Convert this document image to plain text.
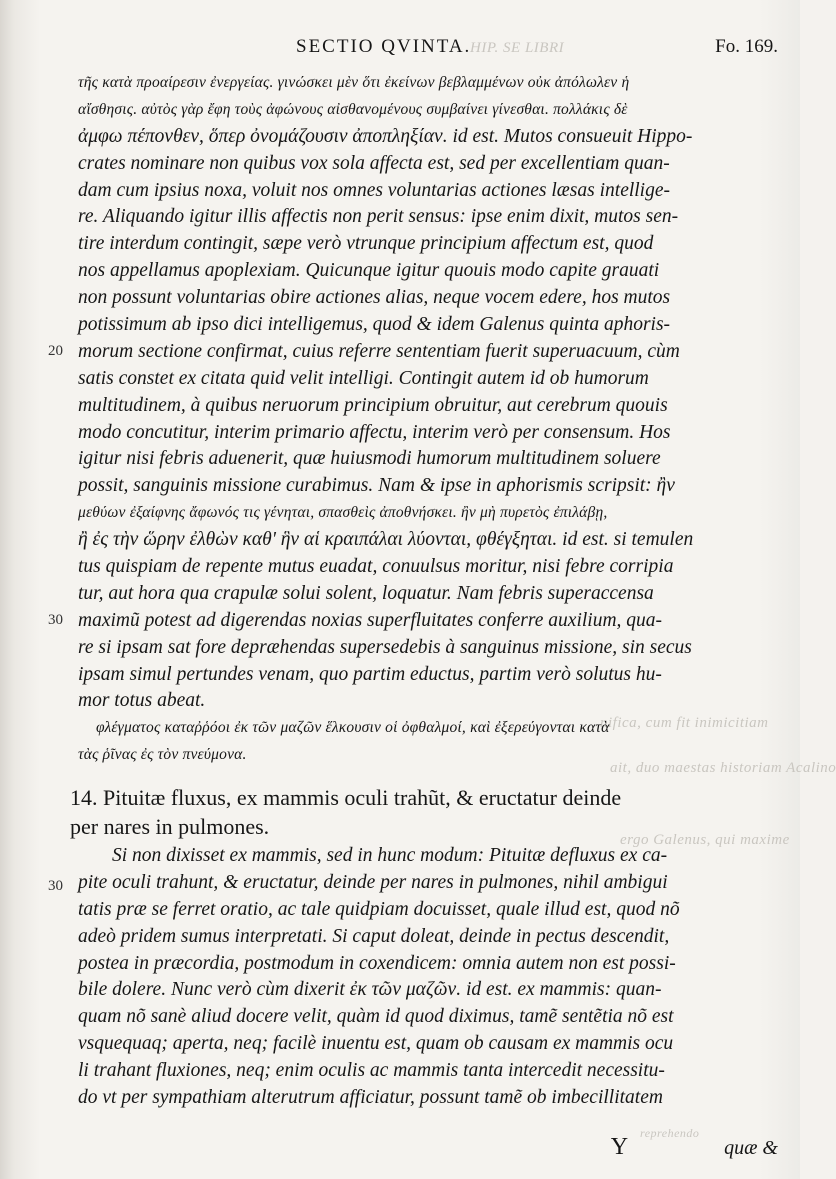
HIP. SE LIBRI
nifica, cum fit inimicitiam
ait, duo maestas historiam Acalino
ergo Galenus, qui maxime
reprehendo
SECTIO QVINTA.	Fo. 169.
20
30
30
τῆς κατὰ προαίρεσιν ἐνεργείας. γινώσκει μὲν ὅτι ἐκείνων βεβλαμμένων οὐκ ἀπόλωλεν ἡ
αἴσθησις. αὐτὸς γὰρ ἔφη τοὺς ἀφώνους αἰσθανομένους συμβαίνει γίνεσθαι. πολλάκις δὲ
ἀμφω πέπονθεν, ὅπερ ὀνομάζουσιν ἀποπληξίαν. id est. Mutos consueuit Hippo-
crates nominare non quibus vox sola affecta est, sed per excellentiam quan-
dam cum ipsius noxa, voluit nos omnes voluntarias actiones læsas intellige-
re. Aliquando igitur illis affectis non perit sensus: ipse enim dixit, mutos sen-
tire interdum contingit, sæpe verò vtrunque principium affectum est, quod
nos appellamus apoplexiam. Quicunque igitur quouis modo capite grauati
non possunt voluntarias obire actiones alias, neque vocem edere, hos mutos
potissimum ab ipso dici intelligemus, quod & idem Galenus quinta aphoris-
morum sectione confirmat, cuius referre sententiam fuerit superuacuum, cùm
satis constet ex citata quid velit intelligi. Contingit autem id ob humorum
multitudinem, à quibus neruorum principium obruitur, aut cerebrum quouis
modo concutitur, interim primario affectu, interim verò per consensum. Hos
igitur nisi febris aduenerit, quæ huiusmodi humorum multitudinem soluere
possit, sanguinis missione curabimus. Nam & ipse in aphorismis scripsit: ἢν
μεθύων ἐξαίφνης ἄφωνός τις γένηται, σπασθεὶς ἀποθνήσκει. ἢν μὴ πυρετὸς ἐπιλάβῃ,
ἢ ἐς τὴν ὥρην ἐλθὼν καθ' ἣν αἱ κραιπάλαι λύονται, φθέγξηται. id est. si temulen
tus quispiam de repente mutus euadat, conuulsus moritur, nisi febre corripia
tur, aut hora qua crapulæ solui solent, loquatur. Nam febris superaccensa
maximũ potest ad digerendas noxias superfluitates conferre auxilium, qua-
re si ipsam sat fore depræhendas supersedebis à sanguinus missione, sin secus
ipsam simul pertundes venam, quo partim eductus, partim verò solutus hu-
mor totus abeat.
φλέγματος καταῤῥόοι ἐκ τῶν μαζῶν ἕλκουσιν οἱ ὀφθαλμοί, καὶ ἐξερεύγονται κατὰ
τὰς ῥῖνας ἐς τὸν πνεύμονα.
14. Pituitæ fluxus, ex mammis oculi trahũt, & eructatur deinde
per nares in pulmones.
Si non dixisset ex mammis, sed in hunc modum: Pituitæ defluxus ex ca-
pite oculi trahunt, & eructatur, deinde per nares in pulmones, nihil ambigui
tatis præ se ferret oratio, ac tale quidpiam docuisset, quale illud est, quod nõ
adeò pridem sumus interpretati. Si caput doleat, deinde in pectus descendit,
postea in præcordia, postmodum in coxendicem: omnia autem non est possi-
bile dolere. Nunc verò cùm dixerit ἐκ τῶν μαζῶν. id est. ex mammis: quan-
quam nõ sanè aliud docere velit, quàm id quod diximus, tamẽ sentẽtia nõ est
vsquequaq; aperta, neq; facilè inuentu est, quam ob causam ex mammis ocu
li trahant fluxiones, neq; enim oculis ac mammis tanta intercedit necessitu-
do vt per sympathiam alterutrum afficiatur, possunt tamẽ ob imbecillitatem
Y	quæ &
